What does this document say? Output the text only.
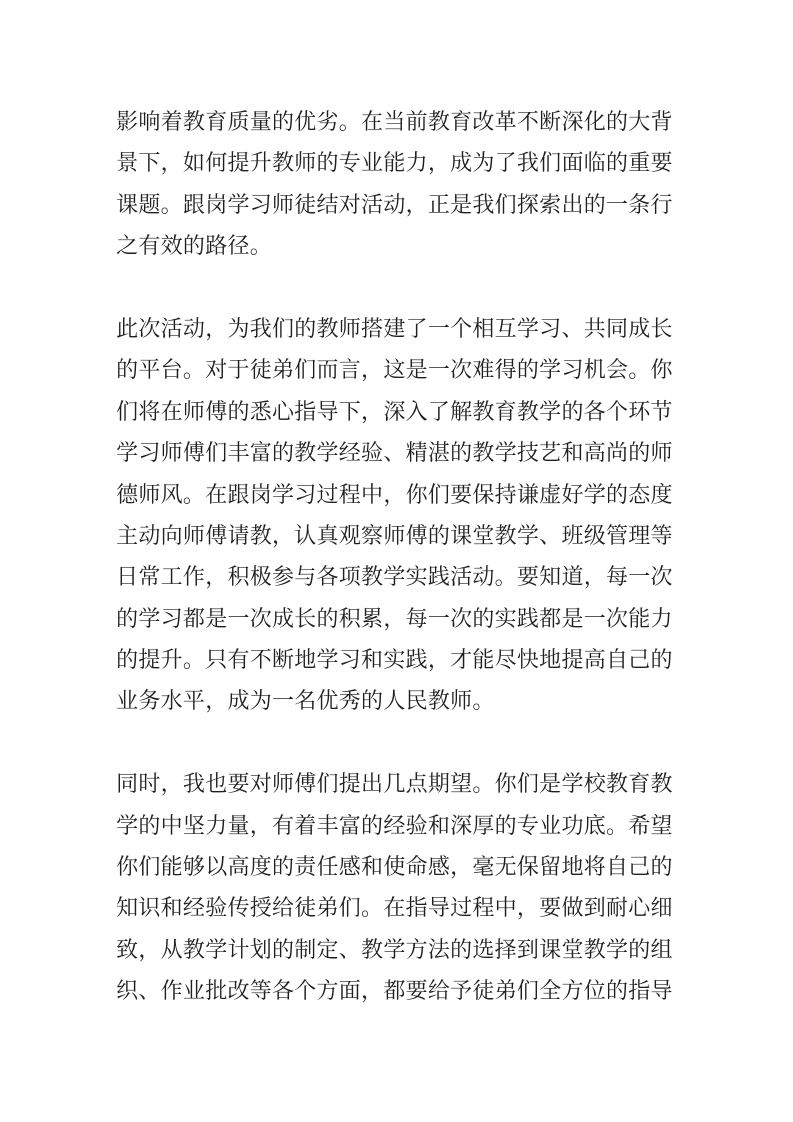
影响着教育质量的优劣。在当前教育改革不断深化的大背
景下，如何提升教师的专业能力，成为了我们面临的重要
课题。跟岗学习师徒结对活动，正是我们探索出的一条行
之有效的路径。
此次活动，为我们的教师搭建了一个相互学习、共同成长
的平台。对于徒弟们而言，这是一次难得的学习机会。你
们将在师傅的悉心指导下，深入了解教育教学的各个环节
学习师傅们丰富的教学经验、精湛的教学技艺和高尚的师
德师风。在跟岗学习过程中，你们要保持谦虚好学的态度
主动向师傅请教，认真观察师傅的课堂教学、班级管理等
日常工作，积极参与各项教学实践活动。要知道，每一次
的学习都是一次成长的积累，每一次的实践都是一次能力
的提升。只有不断地学习和实践，才能尽快地提高自己的
业务水平，成为一名优秀的人民教师。
同时，我也要对师傅们提出几点期望。你们是学校教育教
学的中坚力量，有着丰富的经验和深厚的专业功底。希望
你们能够以高度的责任感和使命感，毫无保留地将自己的
知识和经验传授给徒弟们。在指导过程中，要做到耐心细
致，从教学计划的制定、教学方法的选择到课堂教学的组
织、作业批改等各个方面，都要给予徒弟们全方位的指导
